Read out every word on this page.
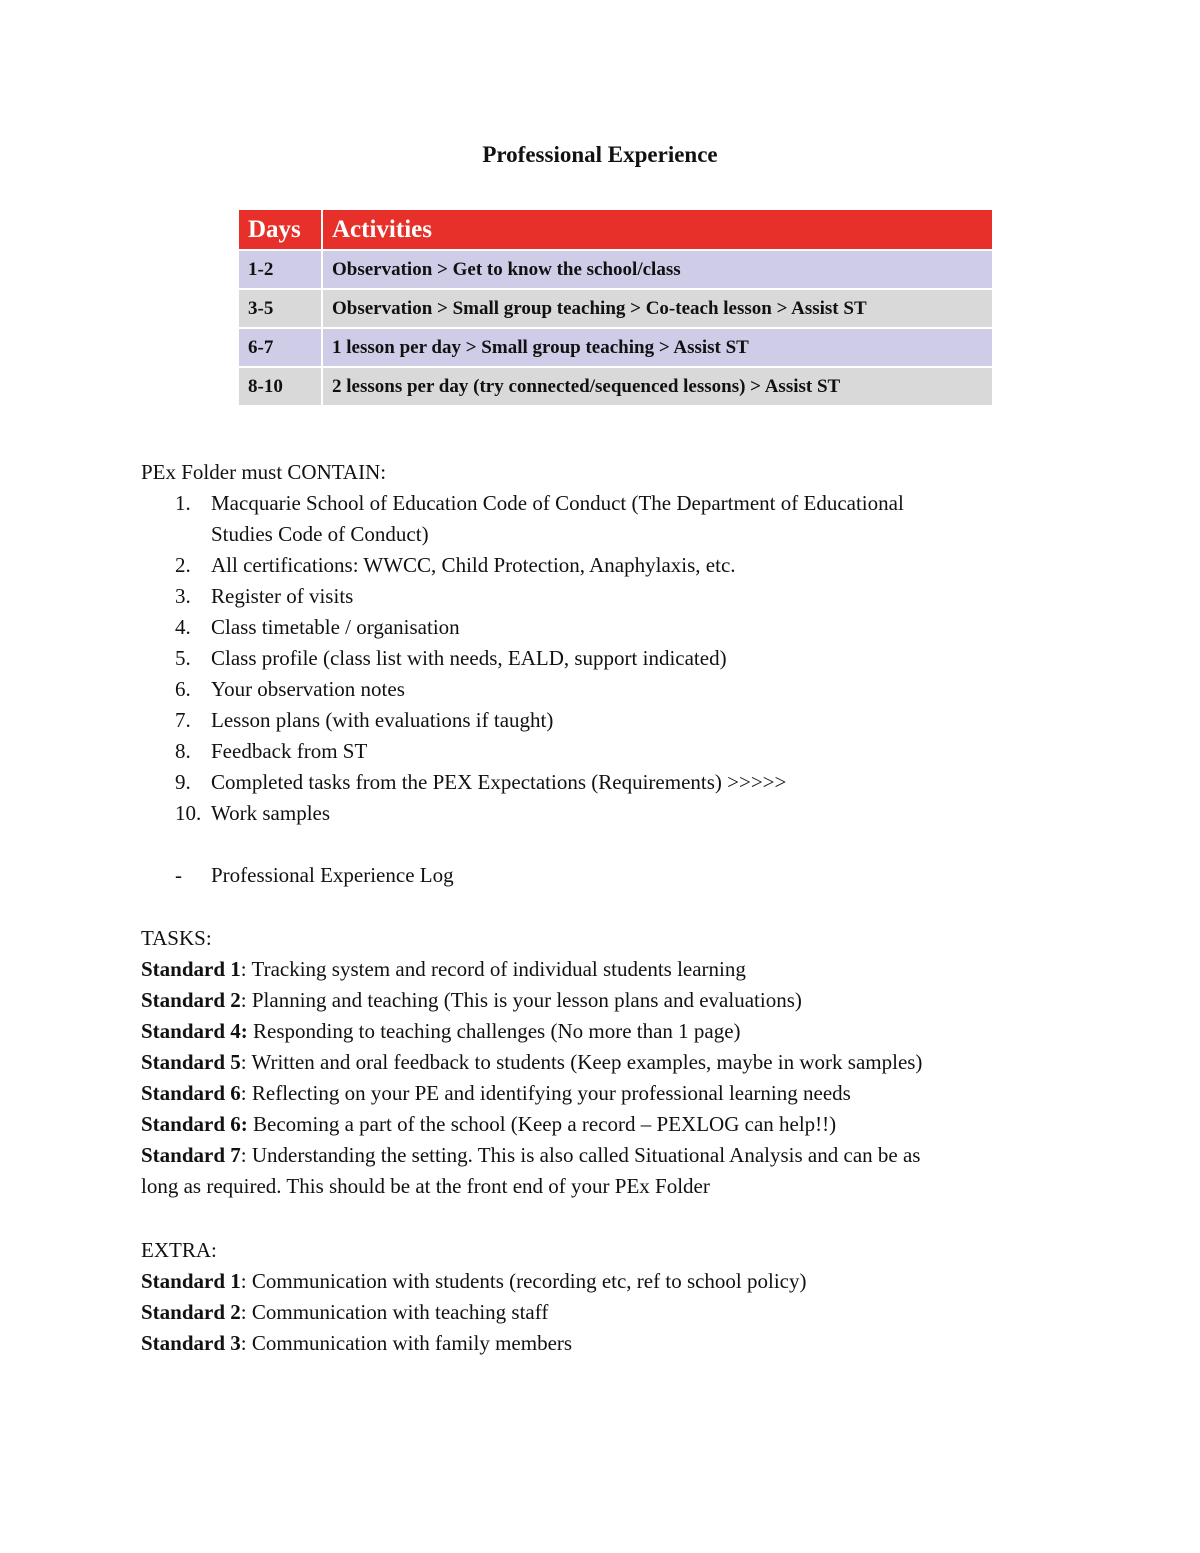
Professional Experience
Days	Activities
1-2	Observation > Get to know the school/class
3-5	Observation > Small group teaching > Co-teach lesson > Assist ST
6-7	1 lesson per day > Small group teaching > Assist ST
8-10	2 lessons per day (try connected/sequenced lessons) > Assist ST

PEx Folder must CONTAIN:

1. Macquarie School of Education Code of Conduct (The Department of Educational
Studies Code of Conduct)
2. All certifications: WWCC, Child Protection, Anaphylaxis, etc.
3. Register of visits
4. Class timetable / organisation
5. Class profile (class list with needs, EALD, support indicated)
6. Your observation notes
7. Lesson plans (with evaluations if taught)
8. Feedback from ST
9. Completed tasks from the PEX Expectations (Requirements) >>>>>
10. Work samples
- Professional Experience Log

TASKS:

Standard 1: Tracking system and record of individual students learning

Standard 2: Planning and teaching (This is your lesson plans and evaluations)

Standard 4: Responding to teaching challenges (No more than 1 page)

Standard 5: Written and oral feedback to students (Keep examples, maybe in work samples)

Standard 6: Reflecting on your PE and identifying your professional learning needs

Standard 6: Becoming a part of the school (Keep a record – PEXLOG can help!!)

Standard 7: Understanding the setting. This is also called Situational Analysis and can be as

long as required. This should be at the front end of your PEx Folder

EXTRA:

Standard 1: Communication with students (recording etc, ref to school policy)

Standard 2: Communication with teaching staff

Standard 3: Communication with family members
